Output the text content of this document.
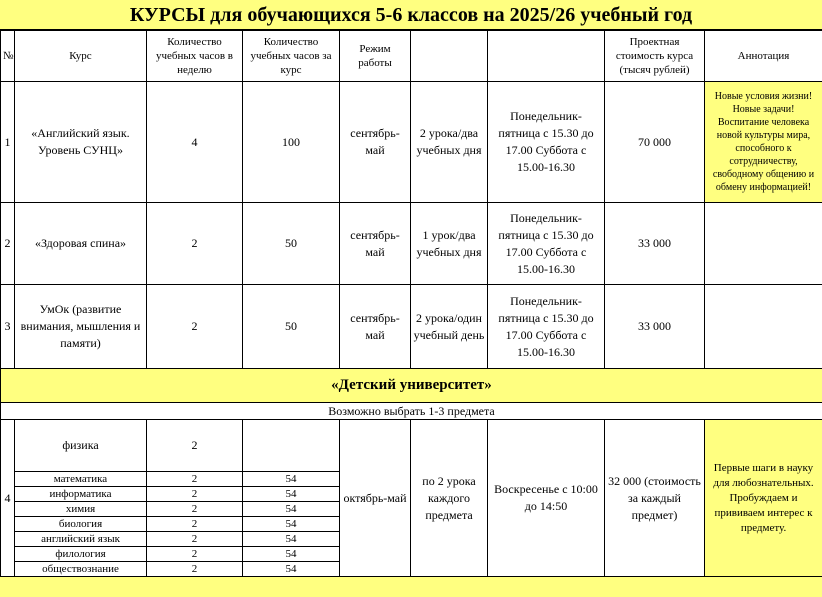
КУРСЫ для обучающихся 5-6 классов на 2025/26 учебный год
№	Курс	Количество учебных часов в неделю	Количество учебных часов за курс	Режим работы			Проектная стоимость курса (тысяч рублей)	Аннотация
1	«Английский язык. Уровень СУНЦ»	4	100	сентябрь-май	2 урока/два учебных дня	Понедельник-пятница с 15.30 до 17.00 Суббота с 15.00-16.30	70 000	Новые условия жизни! Новые задачи! Воспитание человека новой культуры мира, способного к сотрудничеству, свободному общению и обмену информацией!
2	«Здоровая спина»	2	50	сентябрь-май	1 урок/два учебных дня	Понедельник-пятница с 15.30 до 17.00 Суббота с 15.00-16.30	33 000	
3	УмОк (развитие внимания, мышления и памяти)	2	50	сентябрь-май	2 урока/один учебный день	Понедельник-пятница с 15.30 до 17.00 Суббота с 15.00-16.30	33 000	
«Детский университет»								
Возможно выбрать 1-3 предмета								
4	физика	2		октябрь-май	по 2 урока каждого предмета	Воскресенье с 10:00 до 14:50	32 000 (стоимость за каждый предмет)	Первые шаги в науку для любознательных. Пробуждаем и прививаем интерес к предмету.
	математика	2	54					
	информатика	2	54					
	химия	2	54					
	биология	2	54					
	английский язык	2	54					
	филология	2	54					
	обществознание	2	54					
